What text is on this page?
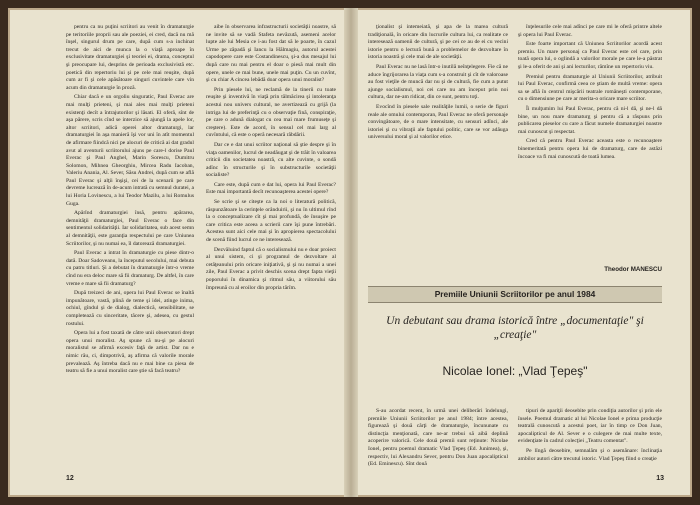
pentru ca nu puţini scriitori au venit în dramaturgie pe teritoriile proprii sau ale poeziei, ei cred, dacă nu mă înşel, singurul drum pe care, după cum s-a inchinat trecut de aici de munca la o viaţă aproape în exclusivitate dramaturgiei şi teoriei ei, drama, conceptul şi preocupare lui, desprins de perioada exclusivistă etc. poetică din repertoriu lui şi pe cele mai reuşite, după cum ar fi şi cele apăsătoare singuri cuvintele care vin acum din dramaturgie în proză.

Chiar dacă e un orgoliu singuratic, Paul Everac are mai mulţi prieteni, şi mai ales mai mulţi prieteni existenţi decît a întrajutorilor şi lăsati. El oferă, sînt de aşa părere, scris cînd se interzice să ajungă la apele lor, altor scriitori, adică operei altor dramaturgi, lar dramaturgiei în aşa manieră îşi vor uni în atît momentul de afirmare fiindcă nici pe alocuri de critică ai dat gradul avut al aventurii scriitorului ajuns pe care-l dorise Paul Everac şi Paul Anghel, Marin Sorescu, Dumitru Solomon, Mihnea Gheorghiu, Mircea Radu Iacoban, Valeriu Anania, Al. Sever, Săsu Andrei, după cum se află Paul Everac şi alţii înşişi, cei de la scenarii pe care devreme lucrează în de-acum intrată cu semnul duratei, a lui Horia Lovinescu, a lui Teodor Mazilu, a lui Romulus Guga.

Apărînd dramaturgiei însă, pentru apărarea, demnităţii dramaturgiei, Paul Everac o face din sentimentul solidarităţii. Iar solidaritatea, sub acest semn al demnităţii, este garanţia respectului pe care Uniunea Scriitorilor, şi nu numai ea, îl datorează dramaturgiei.

Paul Everac a intrat în dramaturgie cu piese dintr-o dată. Doar Sadoveanu, la începutul secolului, mai debuta cu patru titluri. Şi a debutat în dramaturgie într-o vreme cînd nu era deloc mare să fii dramaturg. De altfel, în care vreme e mare să fii dramaturg?

După treizeci de ani, opera lui Paul Everac se înaltă impunătoare, vastă, plină de teme şi idei, atinge inima, ochiul, gîndul şi de dialog, dialectică, sensibilitate, se completează cu sinceritate, tăcere şi, adesea, cu gestul rostului.

Opera lui a fost taxată de către unii observatori drept opera unui moralist. Aş spune că nu-şi pe alocuri moralistul se afirmă excesiv faţă de artist. Dar nu e nimic rău, ci, dimpotrivă, aş afirma că valorile morale prevalează. Aş întreba dacă nu e mai bine ca piesa de teatru să fie a unui moralist care ştie să facă teatru?

aibe în observarea infrastructurii societăţii noastre, să ne invite să se vadă Stafeta nevăzută, asemeni acelor lupte ale lui Mesia ce i-au fost dat să le poarte, în cazul Urme pe zăpadă şi Iancu la Hălmagiu, autorul acestei capodopere care este Costandinescu, şi-a dus mesajul lui după care nu mai pentru el doar o piesă mai mult din opere, unele ce mai bune, unele mai puţin. Cu un cuvînt, şi cu chiar A cincea lebădă doar opera unui moralist?

Prin piesele lui, ne reclamă de la tinerii cu toate reuşite şi inventivă în viaţă prin tălmăcirea şi intoleranţa acestui nou univers cultural, ne avertizează cu grijă (la intriga lui de preferinţă cu o observaţie fină, conspiraţie, pe care o adună dialogat cu cea mai mare frumuseţe şi creştere). Este de acord, în sensul cel mai larg al cuvîntului, că este o operă necesară răbdării.

Dar ce e dat unui scriitor naţional să ştie despre şi în viaţa oamenilor, lucrul de neadăugat şi de trăit în valoarea criticii din societatea noastră, cu alte cuvinte, o sondă adînc în structurile şi în substructurile societăţii socialiste?

Care este, după cum e dat lui, opera lui Paul Everac? Este mai importantă decît recunoaşterea acestei opere?

Se scrie şi se citeşte ca la noi o literatură politică, răspunzătoare la cerinţele orânduirii, şi nu în ultimul rînd la o conceptualizare cît şi mai profundă, de însuşire pe care critica este aceea a scrierii care îşi pune întrebări. Acestea sunt aici cele mai şi în apropierea spectacolului de scenă fiind lucrul ce ne interesează.

Dezvăluind faptul că o socialismului nu e doar proiect al unui sistem, ci şi programul de dezvoltare al cetăţeanului prin oricare iniţiativă, şi şi nu numai a unei zile, Paul Everac a privit deschis scena drept fapta vieţii poporului în dinamica şi ritmul său, a viitorului său împreună cu al eroilor din propria tărîm.

12

ţionalist şi intemeiată, şi apa de la marea cultură tradiţională, în oricare din lucrurile cultura lui, ca realitate ce interesează oamenii de cultură, şi pe cei ce au de ei cu vecini istorie pentru o lectură bună a problemelor de dezvoltare în istoria noastră şi cele mai de ale societăţii.

Paul Everac nu ne lasă într-o inutilă neînţelegere. Fie că ne aduce îngrijorarea la viaţa cum s-a construit şi cît de valoroase au fost vieţile de muncă dar nu şi de cultură, fie cum a putut ajunge socialismul, noi cei care nu am început prin noi cultura, dar ne-am ridicat, din ce sunt, pentru toţi.

Evocînd în piesele sale realităţile lumii, o serie de figuri reale ale omului contemporan, Paul Everac ne oferă personaje convingătoare, de o mare intensitate, cu sensuri adînci, ale istoriei şi cu vibraţii ale faptului politic, care se vor adăuga universului moral şi al valorilor etice.

înţelesurile cele mai adînci pe care mi le oferă printre altele şi opera lui Paul Everac.

Este foarte important că Uniunea Scriitorilor acordă acest premiu. Un mare personaj ca Paul Everac este cel care, prin toată opera lui, o oglindă a valorilor morale pe care le-a păstrat şi le-a oferit de ani şi ani lecturilor, rămîne un repertoriu viu.

Premiul pentru dramaturgie al Uniunii Scriitorilor, atribuit lui Paul Everac, confirmă ceea ce ştiam de multă vreme: opera sa se află în centrul mişcării teatrale româneşti contemporane, cu o dimensiune pe care ar merita-o oricare mare scriitor.

Îi mulţumim lui Paul Everac, pentru că ni-l dă, şi ne-l dă bine, un nou mare dramaturg şi pentru că a răspuns prin publicarea pieselor cu care a făcut numele dramaturgiei noastre mai cunoscut şi respectat.

Cred că pentru Paul Everac aceasta este o recunoaştere binemeritată pentru opera lui de dramaturg, care de astăzi încoace va fi mai cunoscută de toată lumea.

Theodor MANESCU
Premiile Uniunii Scriitorilor pe anul 1984
Un debutant sau drama istorică între „documentaţie" şi „creaţie"
Nicolae Ionel: „Vlad Ţepeş"

S-au acordat recent, în urmă unei deliberări îndelungi, premiile Uniunii Scriitorilor pe anul 1984; între acestea, figurează şi două cărţi de dramaturgie, încununate cu distincţia menţionată, care ne-ar trebui să aibă deplină acoperire valorică. Cele două premii sunt reţinute: Nicolae Ionel, pentru poemul dramatic Vlad Ţepeş (Ed. Junimea), şi, respectiv, lui Alexandru Sever, pentru Don Juan apocalipticul (Ed. Eminescu). Sînt două

tipuri de apariţii deosebite prin condiţia autorilor şi prin ele însele. Poemul dramatic al lui Nicolae Ionel e prima producţie teatrală cunoscută a acestui poet, iar în timp ce Don Juan, apocalipticul de Al. Sever e o culegere de mai multe texte, evidenţiate în cadrul colecţiei „Teatru comentat".

Pe lîngă deosebire, semnalăm şi o asemănare: înclinaţia ambilor autori către trecutul istoric. Vlad Ţepeş fiind o creaţie

13
